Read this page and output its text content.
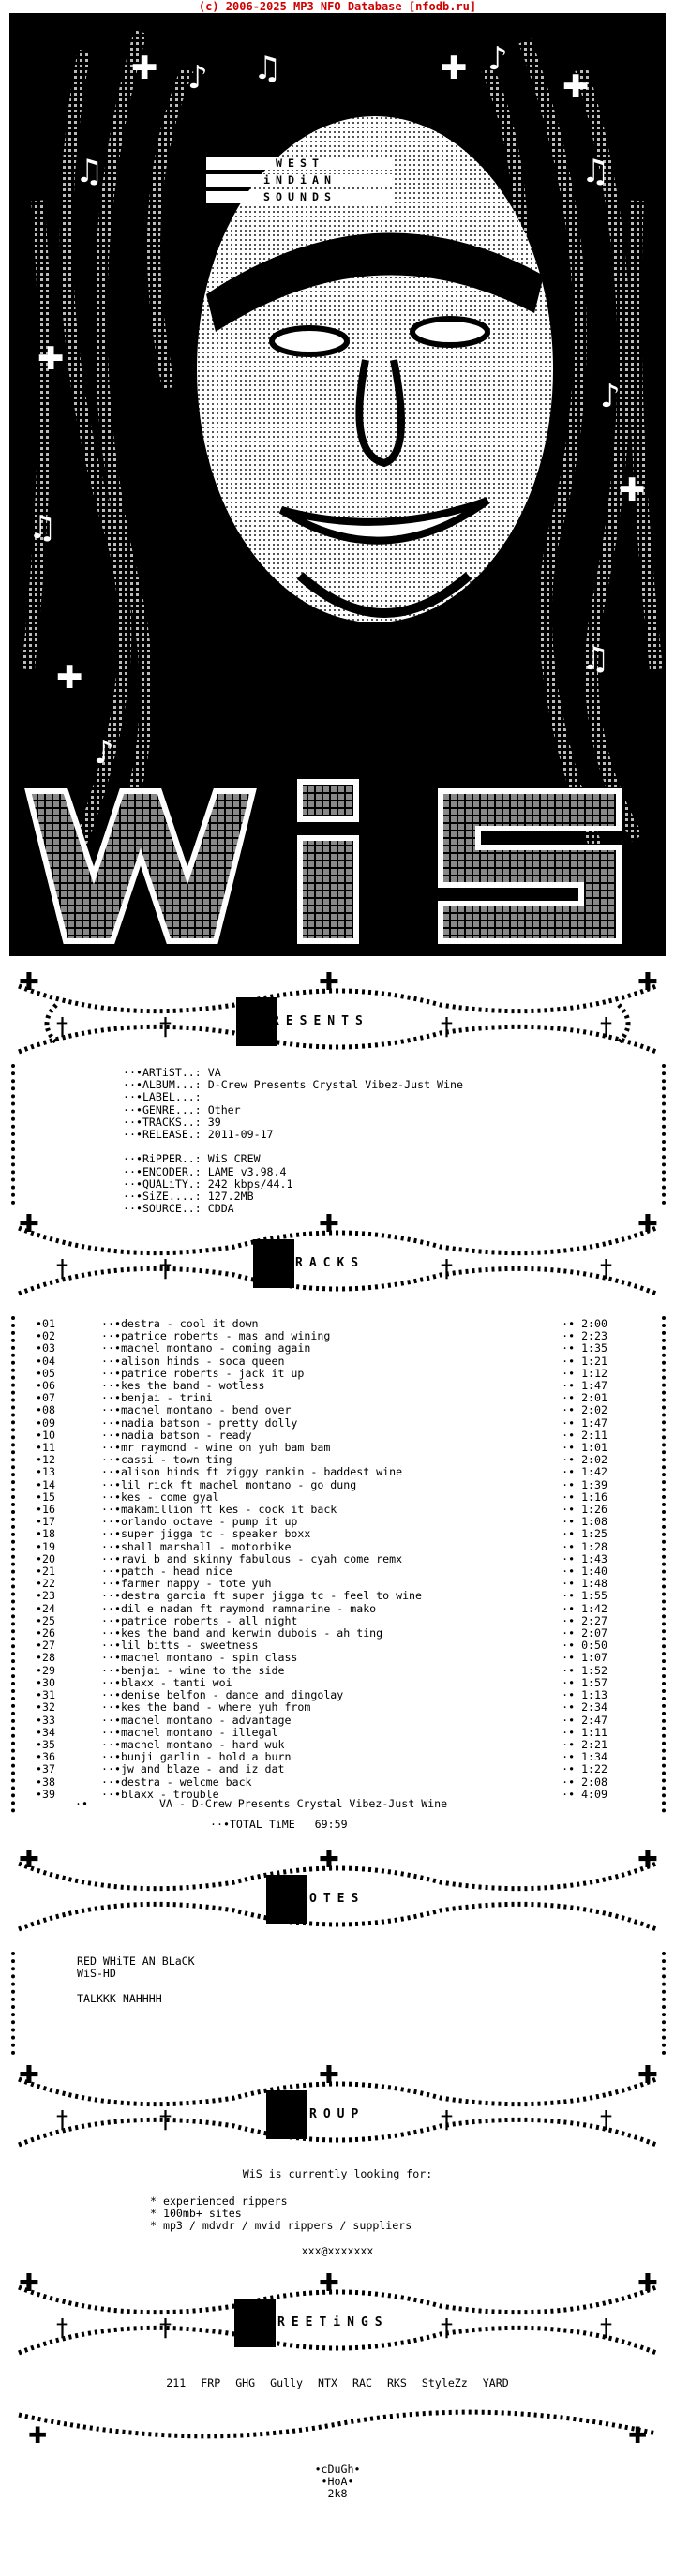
(c) 2006-2025 MP3 NFO Database [nfodb.ru]
✚ ♪ ♫	✚ ♪
✚
♫	♫
✚
♪
✚
♫
✚	♫
♪
WEST
iNDiAN
SOUNDS
✚	✚	✚
†	†	†	†
RESENTS
··•ARTiST..: VA
··•ALBUM...: D-Crew Presents Crystal Vibez-Just Wine
··•LABEL...:
··•GENRE...: Other
··•TRACKS..: 39
··•RELEASE.: 2011-09-17

··•RiPPER..: WiS CREW
··•ENCODER.: LAME v3.98.4
··•QUALiTY.: 242 kbps/44.1
··•SiZE....: 127.2MB
··•SOURCE..: CDDA
✚	✚	✚
†	†	†	†
RACKS
•01	··•destra - cool it down	·• 2:00
•02	··•patrice roberts - mas and wining	·• 2:23
•03	··•machel montano - coming again	·• 1:35
•04	··•alison hinds - soca queen	·• 1:21
•05	··•patrice roberts - jack it up	·• 1:12
•06	··•kes the band - wotless	·• 1:47
•07	··•benjai - trini	·• 2:01
•08	··•machel montano - bend over	·• 2:02
•09	··•nadia batson - pretty dolly	·• 1:47
•10	··•nadia batson - ready	·• 2:11
•11	··•mr raymond - wine on yuh bam bam	·• 1:01
•12	··•cassi - town ting	·• 2:02
•13	··•alison hinds ft ziggy rankin - baddest wine	·• 1:42
•14	··•lil rick ft machel montano - go dung	·• 1:39
•15	··•kes - come gyal	·• 1:16
•16	··•makamillion ft kes - cock it back	·• 1:26
•17	··•orlando octave - pump it up	·• 1:08
•18	··•super jigga tc - speaker boxx	·• 1:25
•19	··•shall marshall - motorbike	·• 1:28
•20	··•ravi b and skinny fabulous - cyah come remx	·• 1:43
•21	··•patch - head nice	·• 1:40
•22	··•farmer nappy - tote yuh	·• 1:48
•23	··•destra garcia ft super jigga tc - feel to wine	·• 1:55
•24	··•dil e nadan ft raymond ramnarine - mako	·• 1:42
•25	··•patrice roberts - all night	·• 2:27
•26	··•kes the band and kerwin dubois - ah ting	·• 2:07
•27	··•lil bitts - sweetness	·• 0:50
•28	··•machel montano - spin class	·• 1:07
•29	··•benjai - wine to the side	·• 1:52
•30	··•blaxx - tanti woi	·• 1:57
•31	··•denise belfon - dance and dingolay	·• 1:13
•32	··•kes the band - where yuh from	·• 2:34
•33	··•machel montano - advantage	·• 2:47
•34	··•machel montano - illegal	·• 1:11
•35	··•machel montano - hard wuk	·• 2:21
•36	··•bunji garlin - hold a burn	·• 1:34
•37	··•jw and blaze - and iz dat	·• 1:22
•38	··•destra - welcme back	·• 2:08
•39	··•blaxx - trouble	·• 4:09
·•	VA - D-Crew Presents Crystal Vibez-Just Wine
··•TOTAL TiME   69:59
✚	✚	✚
OTES
RED WHiTE AN BLaCK
WiS-HD

TALKKK NAHHHH
✚	✚	✚
†	†	†	†
ROUP
WiS is currently looking for:
* experienced rippers
* 100mb+ sites
* mp3 / mdvdr / mvid rippers / suppliers
xxx@xxxxxxx
✚	✚	✚
†	†	†	†
REETiNGS
211 FRP GHG Gully NTX RAC RKS StyleZz YARD
✚	✚
•cDuGh•
•HoA•
2k8
